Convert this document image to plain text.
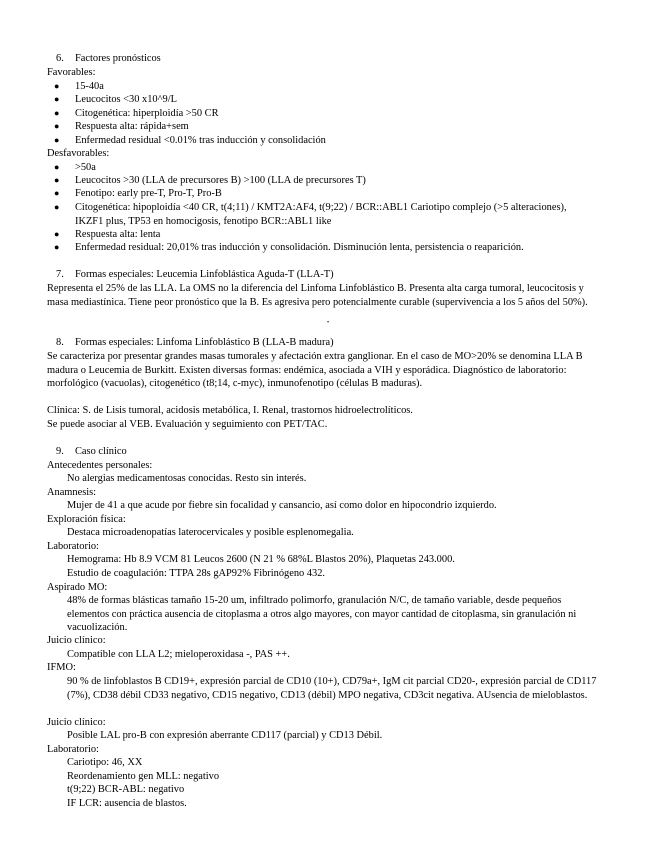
6. Factores pronósticos
Favorables:
● 15-40a
● Leucocitos <30 x10^9/L
● Citogenética: hiperploidía >50 CR
● Respuesta alta: rápida+sem
● Enfermedad residual <0.01% tras inducción y consolidación
Desfavorables:
● >50a
● Leucocitos >30 (LLA de precursores B) >100 (LLA de precursores T)
● Fenotipo: early pre-T, Pro-T, Pro-B
● Citogenética: hipoploidía <40 CR, t(4;11) / KMT2A:AF4, t(9;22) / BCR::ABL1 Cariotipo complejo (>5 alteraciones), IKZF1 plus, TP53 en homocigosis, fenotipo BCR::ABL1 like
● Respuesta alta: lenta
● Enfermedad residual: 20,01% tras inducción y consolidación. Disminución lenta, persistencia o reaparición.
7. Formas especiales: Leucemia Linfoblástica Aguda-T (LLA-T)
Representa el 25% de las LLA. La OMS no la diferencia del Linfoma Linfoblástico B. Presenta alta carga tumoral, leucocitosis y masa mediastínica. Tiene peor pronóstico que la B. Es agresiva pero potencialmente curable (supervivencia a los 5 años del 50%).
•
8. Formas especiales: Linfoma Linfoblástico B (LLA-B madura)
Se caracteriza por presentar grandes masas tumorales y afectación extra ganglionar. En el caso de MO>20% se denomina LLA B madura o Leucemia de Burkitt. Existen diversas formas: endémica, asociada a VIH y esporádica. Diagnóstico de laboratorio: morfológico (vacuolas), citogenético (t8;14, c-myc), inmunofenotipo (células B maduras).
Clínica: S. de Lisis tumoral, acidosis metabólica, I. Renal, trastornos hidroelectrolíticos.
Se puede asociar al VEB. Evaluación y seguimiento con PET/TAC.
9. Caso clínico
Antecedentes personales:
No alergias medicamentosas conocidas. Resto sin interés.
Anamnesis:
Mujer de 41 a que acude por fiebre sin focalidad y cansancio, así como dolor en hipocondrio izquierdo.
Exploración física:
Destaca microadenopatías laterocervicales y posible esplenomegalia.
Laboratorio:
Hemograma: Hb 8.9 VCM 81 Leucos 2600 (N 21 % 68%L Blastos 20%), Plaquetas 243.000.
Estudio de coagulación: TTPA 28s gAP92% Fibrinógeno 432.
Aspirado MO:
48% de formas blásticas tamaño 15-20 um, infiltrado polimorfo, granulación N/C, de tamaño variable, desde pequeños elementos con práctica ausencia de citoplasma a otros algo mayores, con mayor cantidad de citoplasma, sin granulación ni vacuolización.
Juicio clínico:
Compatible con LLA L2; mieloperoxidasa -, PAS ++.
IFMO:
90 % de linfoblastos B CD19+, expresión parcial de CD10 (10+), CD79a+, IgM cit parcial CD20-, expresión parcial de CD117 (7%), CD38 débil CD33 negativo, CD15 negativo, CD13 (débil) MPO negativa, CD3cit negativa. AUsencia de mieloblastos.
Juicio clínico:
Posible LAL pro-B con expresión aberrante CD117 (parcial) y CD13 Débil.
Laboratorio:
Cariotipo: 46, XX
Reordenamiento gen MLL: negativo
t(9;22) BCR-ABL: negativo
IF LCR: ausencia de blastos.
